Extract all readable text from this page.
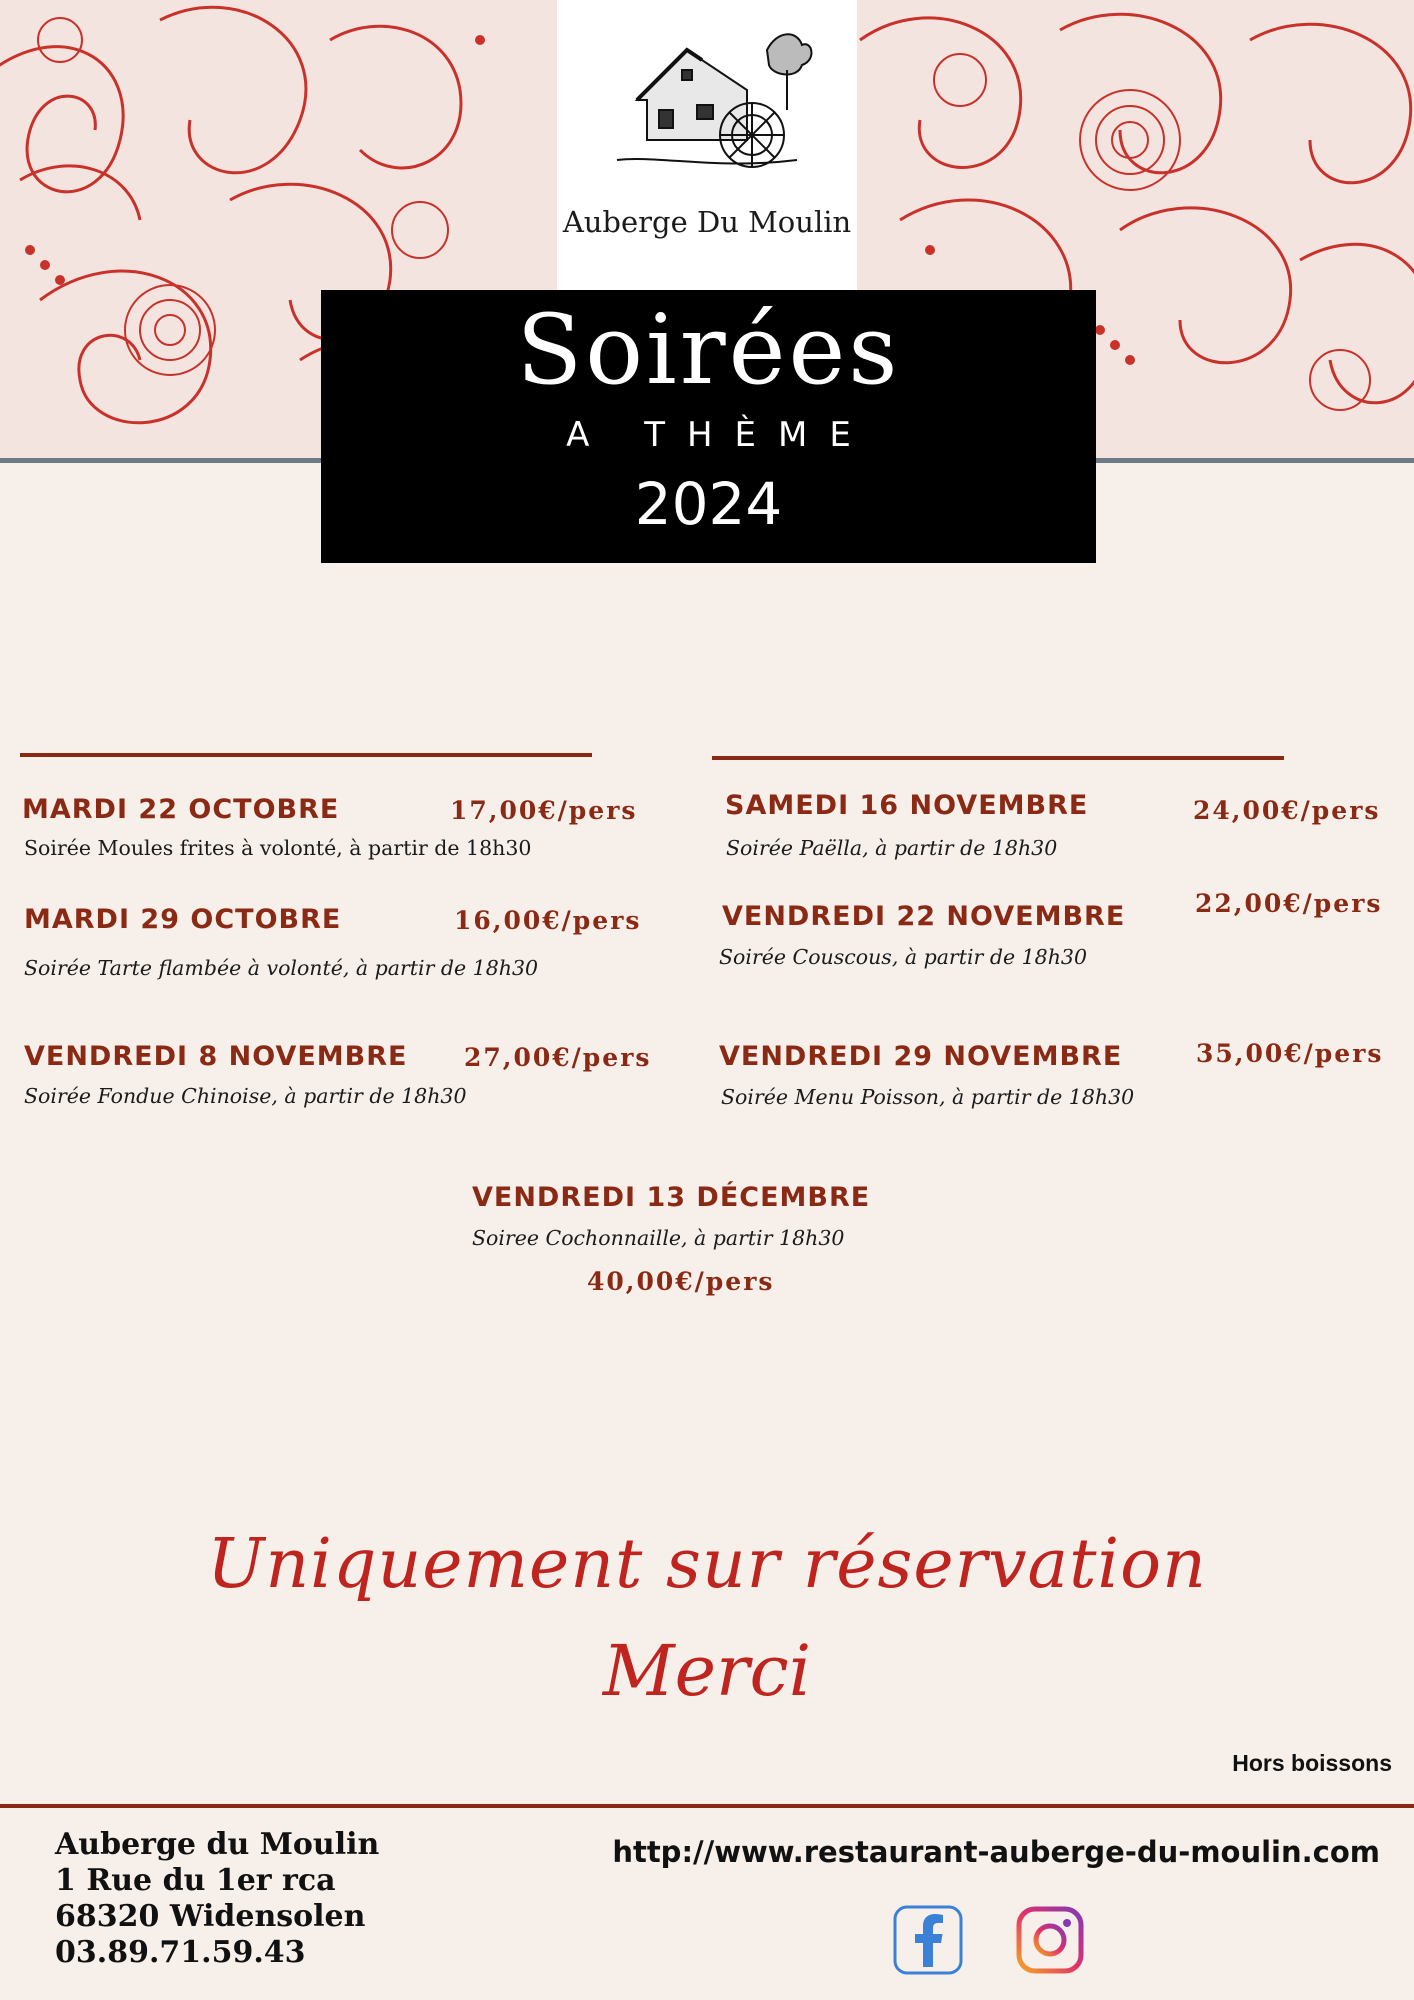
Auberge Du Moulin
Soirées
A THÈME
2024
MARDI 22 OCTOBRE	17,00€/pers
Soirée Moules frites à volonté, à partir de 18h30
MARDI 29 OCTOBRE	16,00€/pers
Soirée Tarte flambée à volonté, à partir de 18h30
VENDREDI 8 NOVEMBRE 27,00€/pers
Soirée Fondue Chinoise, à partir de 18h30
SAMEDI 16 NOVEMBRE	24,00€/pers
Soirée Paëlla, à partir de 18h30
VENDREDI 22 NOVEMBRE	22,00€/pers
Soirée Couscous, à partir de 18h30
VENDREDI 29 NOVEMBRE	35,00€/pers
Soirée Menu Poisson, à partir de 18h30
VENDREDI 13 DÉCEMBRE
Soiree Cochonnaille, à partir 18h30
40,00€/pers
Uniquement sur réservation
Merci
Hors boissons
Auberge du Moulin
1 Rue du 1er rca
68320 Widensolen
03.89.71.59.43
http://www.restaurant-auberge-du-moulin.com
